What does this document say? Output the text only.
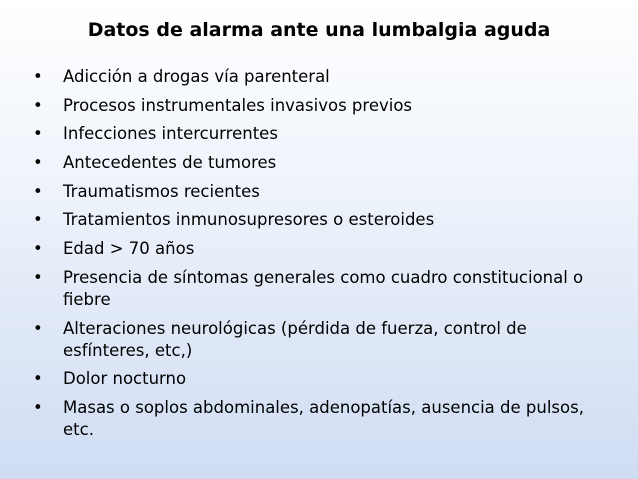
Datos de alarma ante una lumbalgia aguda
• Adicción a drogas vía parenteral
• Procesos instrumentales invasivos previos
• Infecciones intercurrentes
• Antecedentes de tumores
• Traumatismos recientes
• Tratamientos inmunosupresores o esteroides
• Edad > 70 años
• Presencia de síntomas generales como cuadro constitucional o fiebre
• Alteraciones neurológicas (pérdida de fuerza, control de esfínteres, etc,)
• Dolor nocturno
• Masas o soplos abdominales, adenopatías, ausencia de pulsos, etc.
